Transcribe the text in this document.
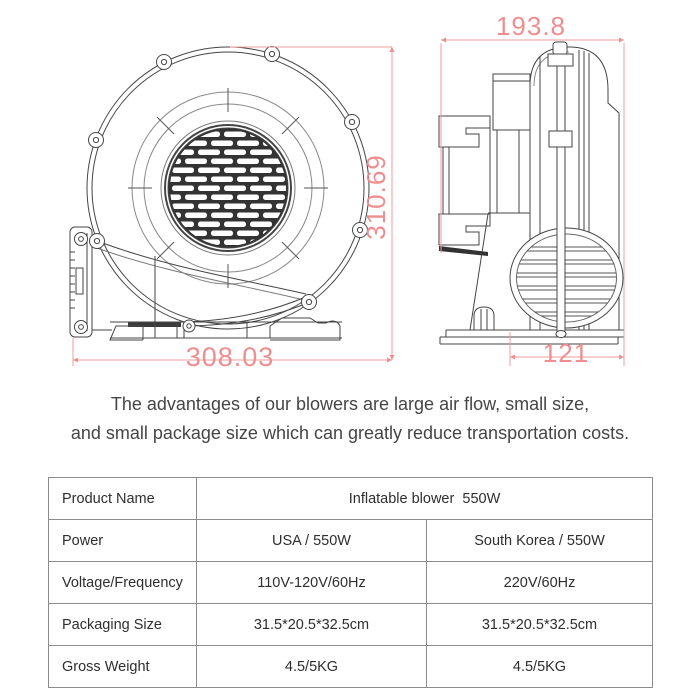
308.03
310.69
193.8
121
The advantages of our blowers are large air flow, small size,
and small package size which can greatly reduce transportation costs.
Product Name	Inflatable blower  550W	
Power	USA / 550W	South Korea / 550W
Voltage/Frequency	110V-120V/60Hz	220V/60Hz
Packaging Size	31.5*20.5*32.5cm	31.5*20.5*32.5cm
Gross Weight	4.5/5KG	4.5/5KG
